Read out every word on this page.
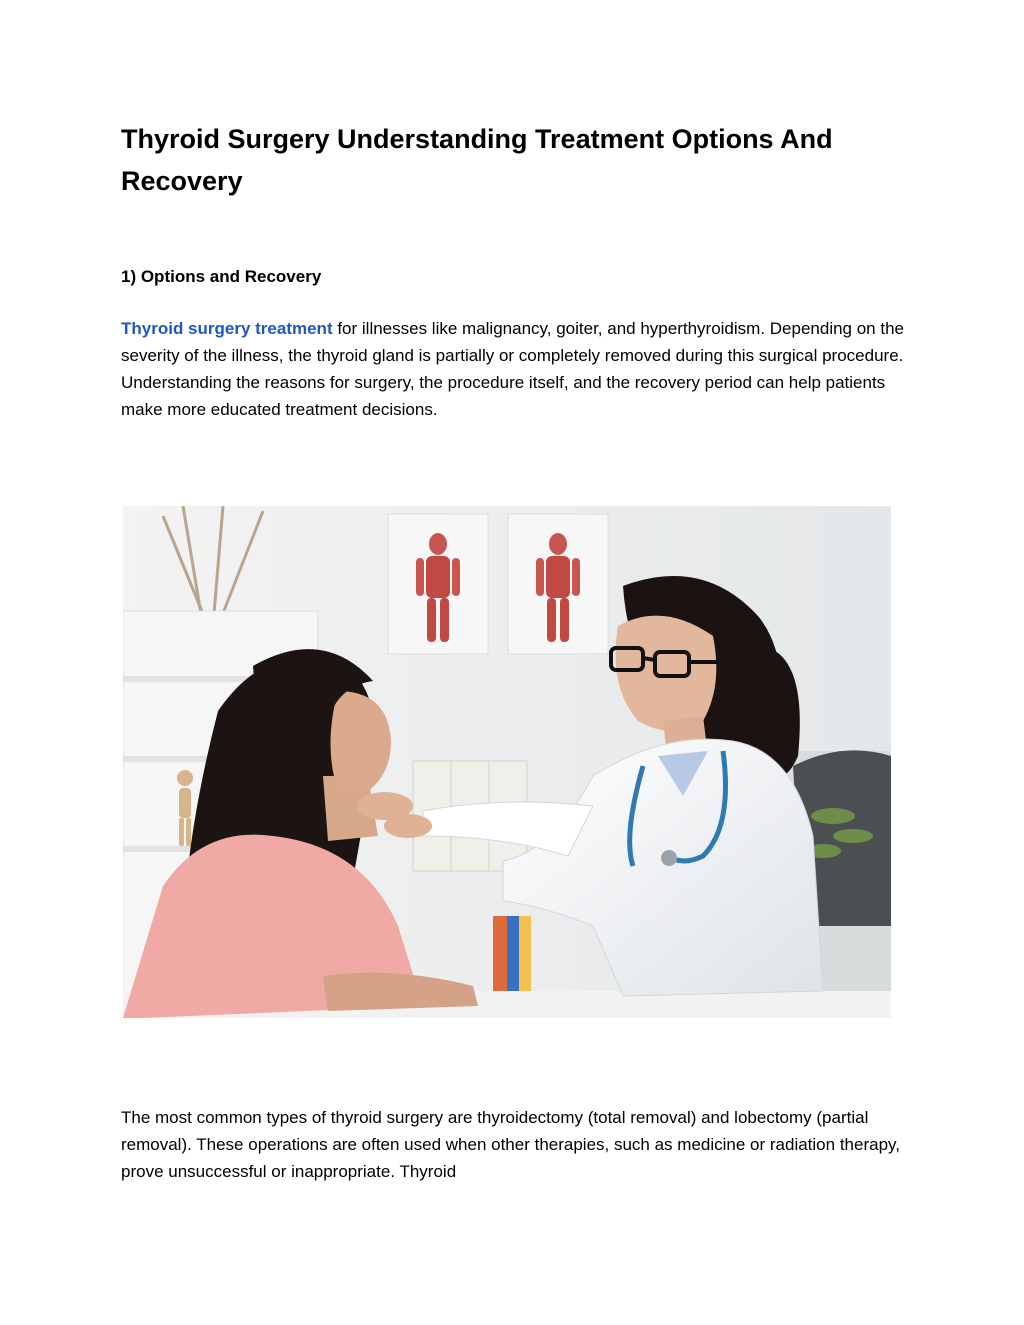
Thyroid Surgery Understanding Treatment Options And Recovery
1) Options and Recovery

Thyroid surgery treatment for illnesses like malignancy, goiter, and hyperthyroidism. Depending on the severity of the illness, the thyroid gland is partially or completely removed during this surgical procedure. Understanding the reasons for surgery, the procedure itself, and the recovery period can help patients make more educated treatment decisions.

The most common types of thyroid surgery are thyroidectomy (total removal) and lobectomy (partial removal). These operations are often used when other therapies, such as medicine or radiation therapy, prove unsuccessful or inappropriate. Thyroid
